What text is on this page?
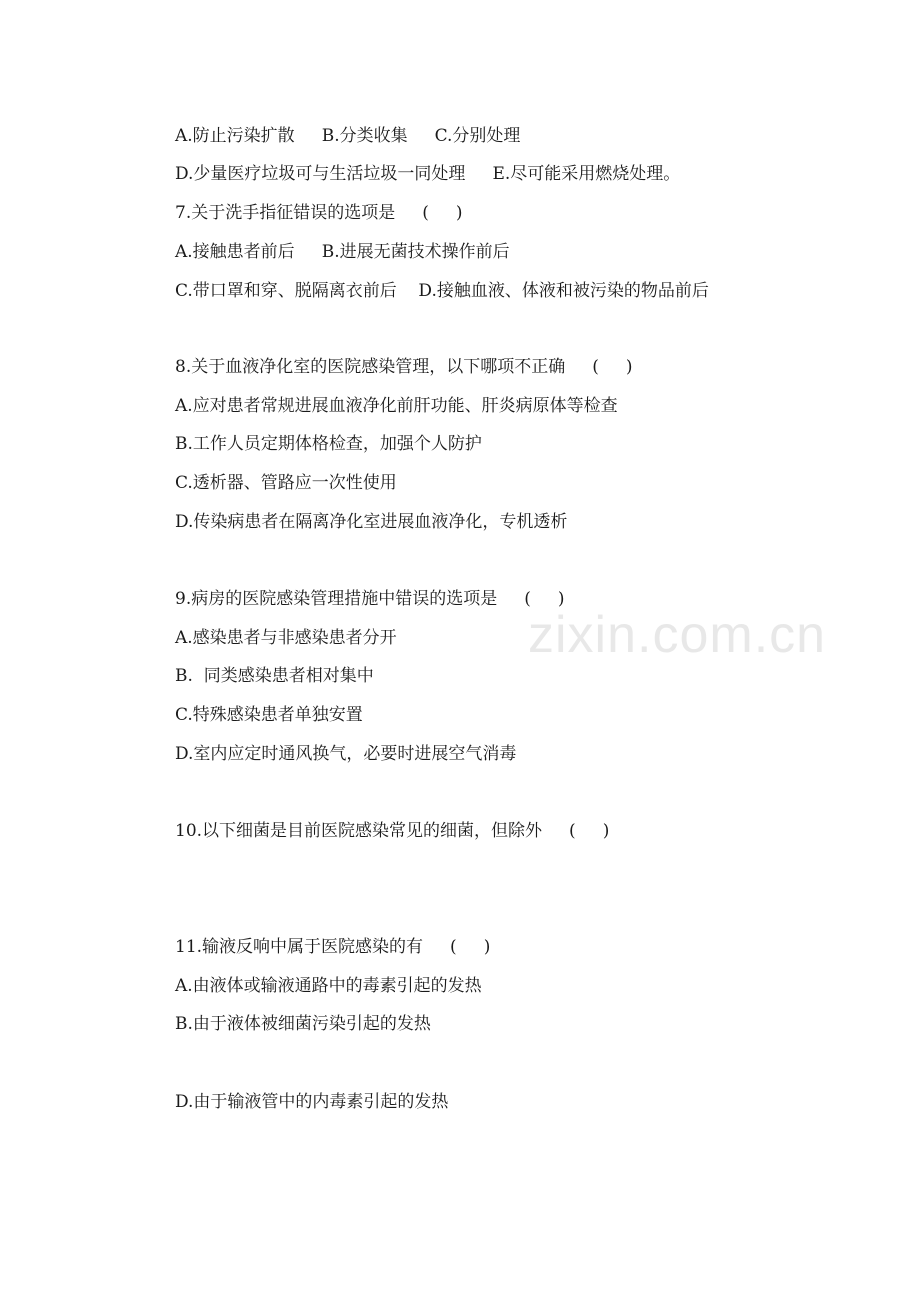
A.防止污染扩散     B.分类收集     C.分别处理
D.少量医疗垃圾可与生活垃圾一同处理     E.尽可能采用燃烧处理。
7.关于洗手指征错误的选项是     (     )
A.接触患者前后     B.进展无菌技术操作前后
C.带口罩和穿、脱隔离衣前后    D.接触血液、体液和被污染的物品前后
8.关于血液净化室的医院感染管理，以下哪项不正确     (     )
A.应对患者常规进展血液净化前肝功能、肝炎病原体等检查
B.工作人员定期体格检查，加强个人防护
C.透析器、管路应一次性使用
D.传染病患者在隔离净化室进展血液净化，专机透析
9.病房的医院感染管理措施中错误的选项是     (     )
A.感染患者与非感染患者分开
B.  同类感染患者相对集中
C.特殊感染患者单独安置
D.室内应定时通风换气，必要时进展空气消毒
10.以下细菌是目前医院感染常见的细菌，但除外     (     )
11.输液反响中属于医院感染的有     (     )
A.由液体或输液通路中的毒素引起的发热
B.由于液体被细菌污染引起的发热
D.由于输液管中的内毒素引起的发热
zixin.com.cn
